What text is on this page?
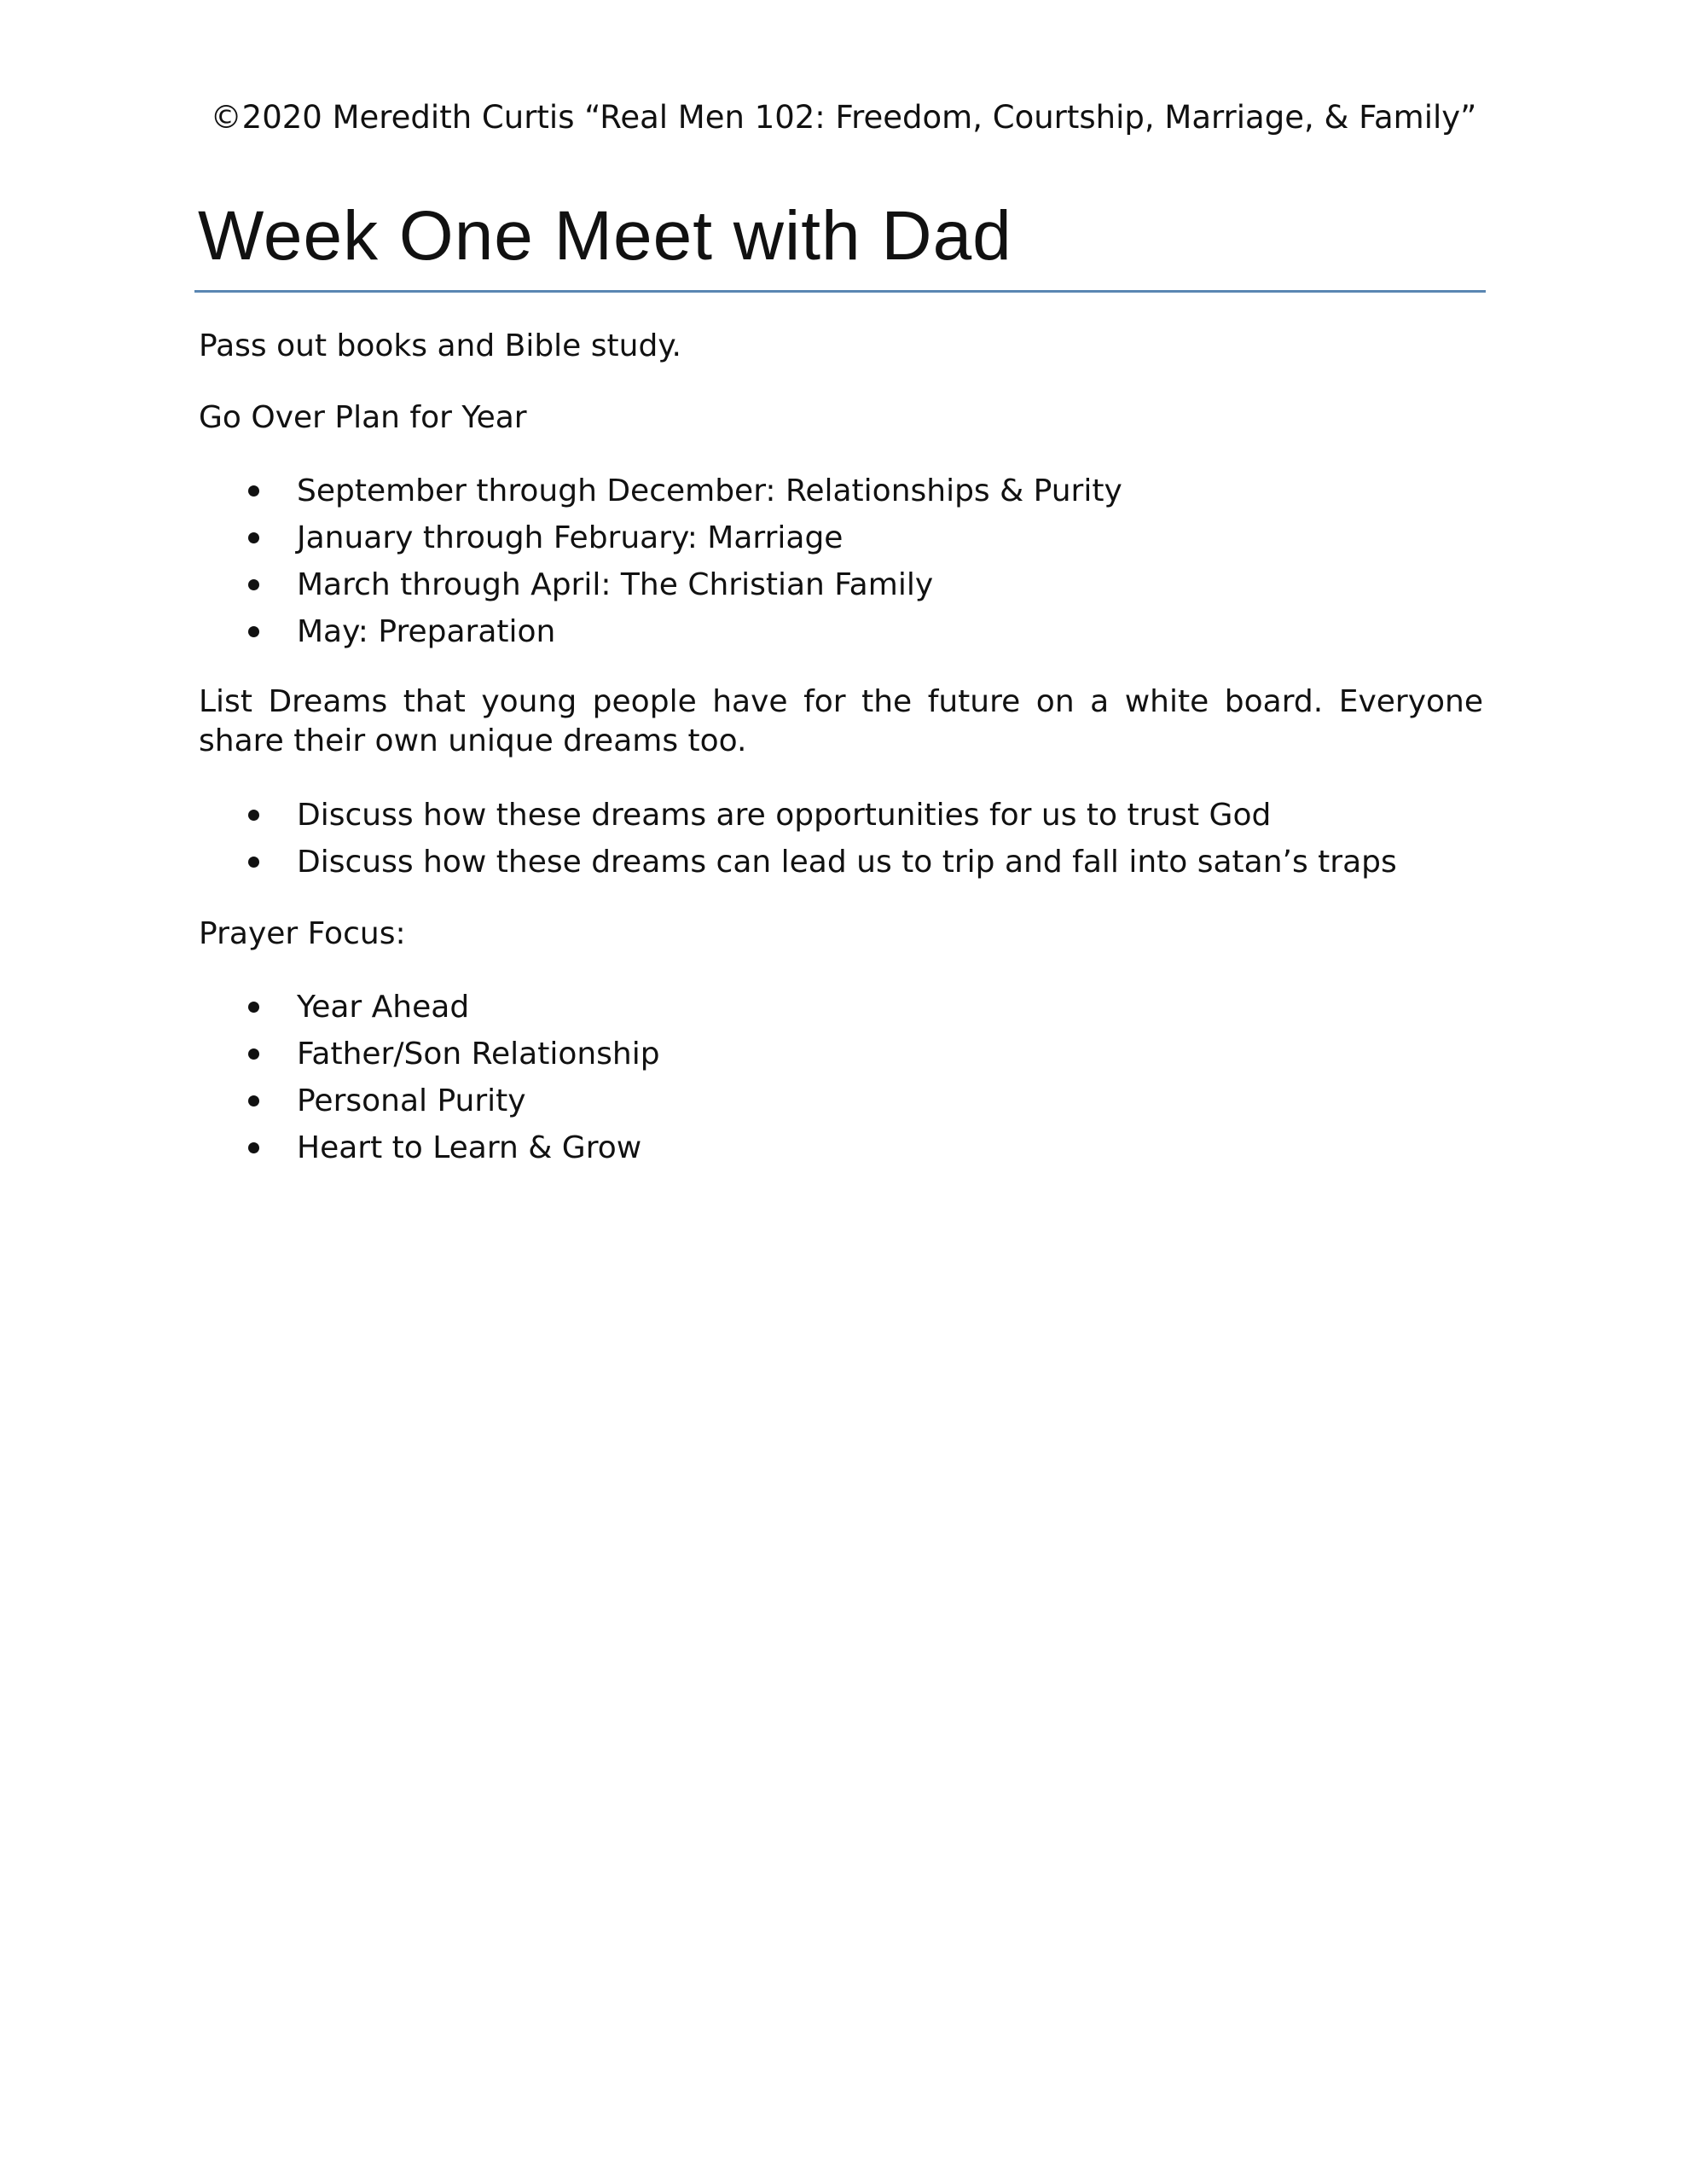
©2020 Meredith Curtis “Real Men 102: Freedom, Courtship, Marriage, & Family”
Week One Meet with Dad

Pass out books and Bible study.

Go Over Plan for Year

September through December: Relationships & Purity
January through February: Marriage
March through April: The Christian Family
May: Preparation

List Dreams that young people have for the future on a white board. Everyone share their own unique dreams too.

Discuss how these dreams are opportunities for us to trust God
Discuss how these dreams can lead us to trip and fall into satan’s traps

Prayer Focus:

Year Ahead
Father/Son Relationship
Personal Purity
Heart to Learn & Grow
